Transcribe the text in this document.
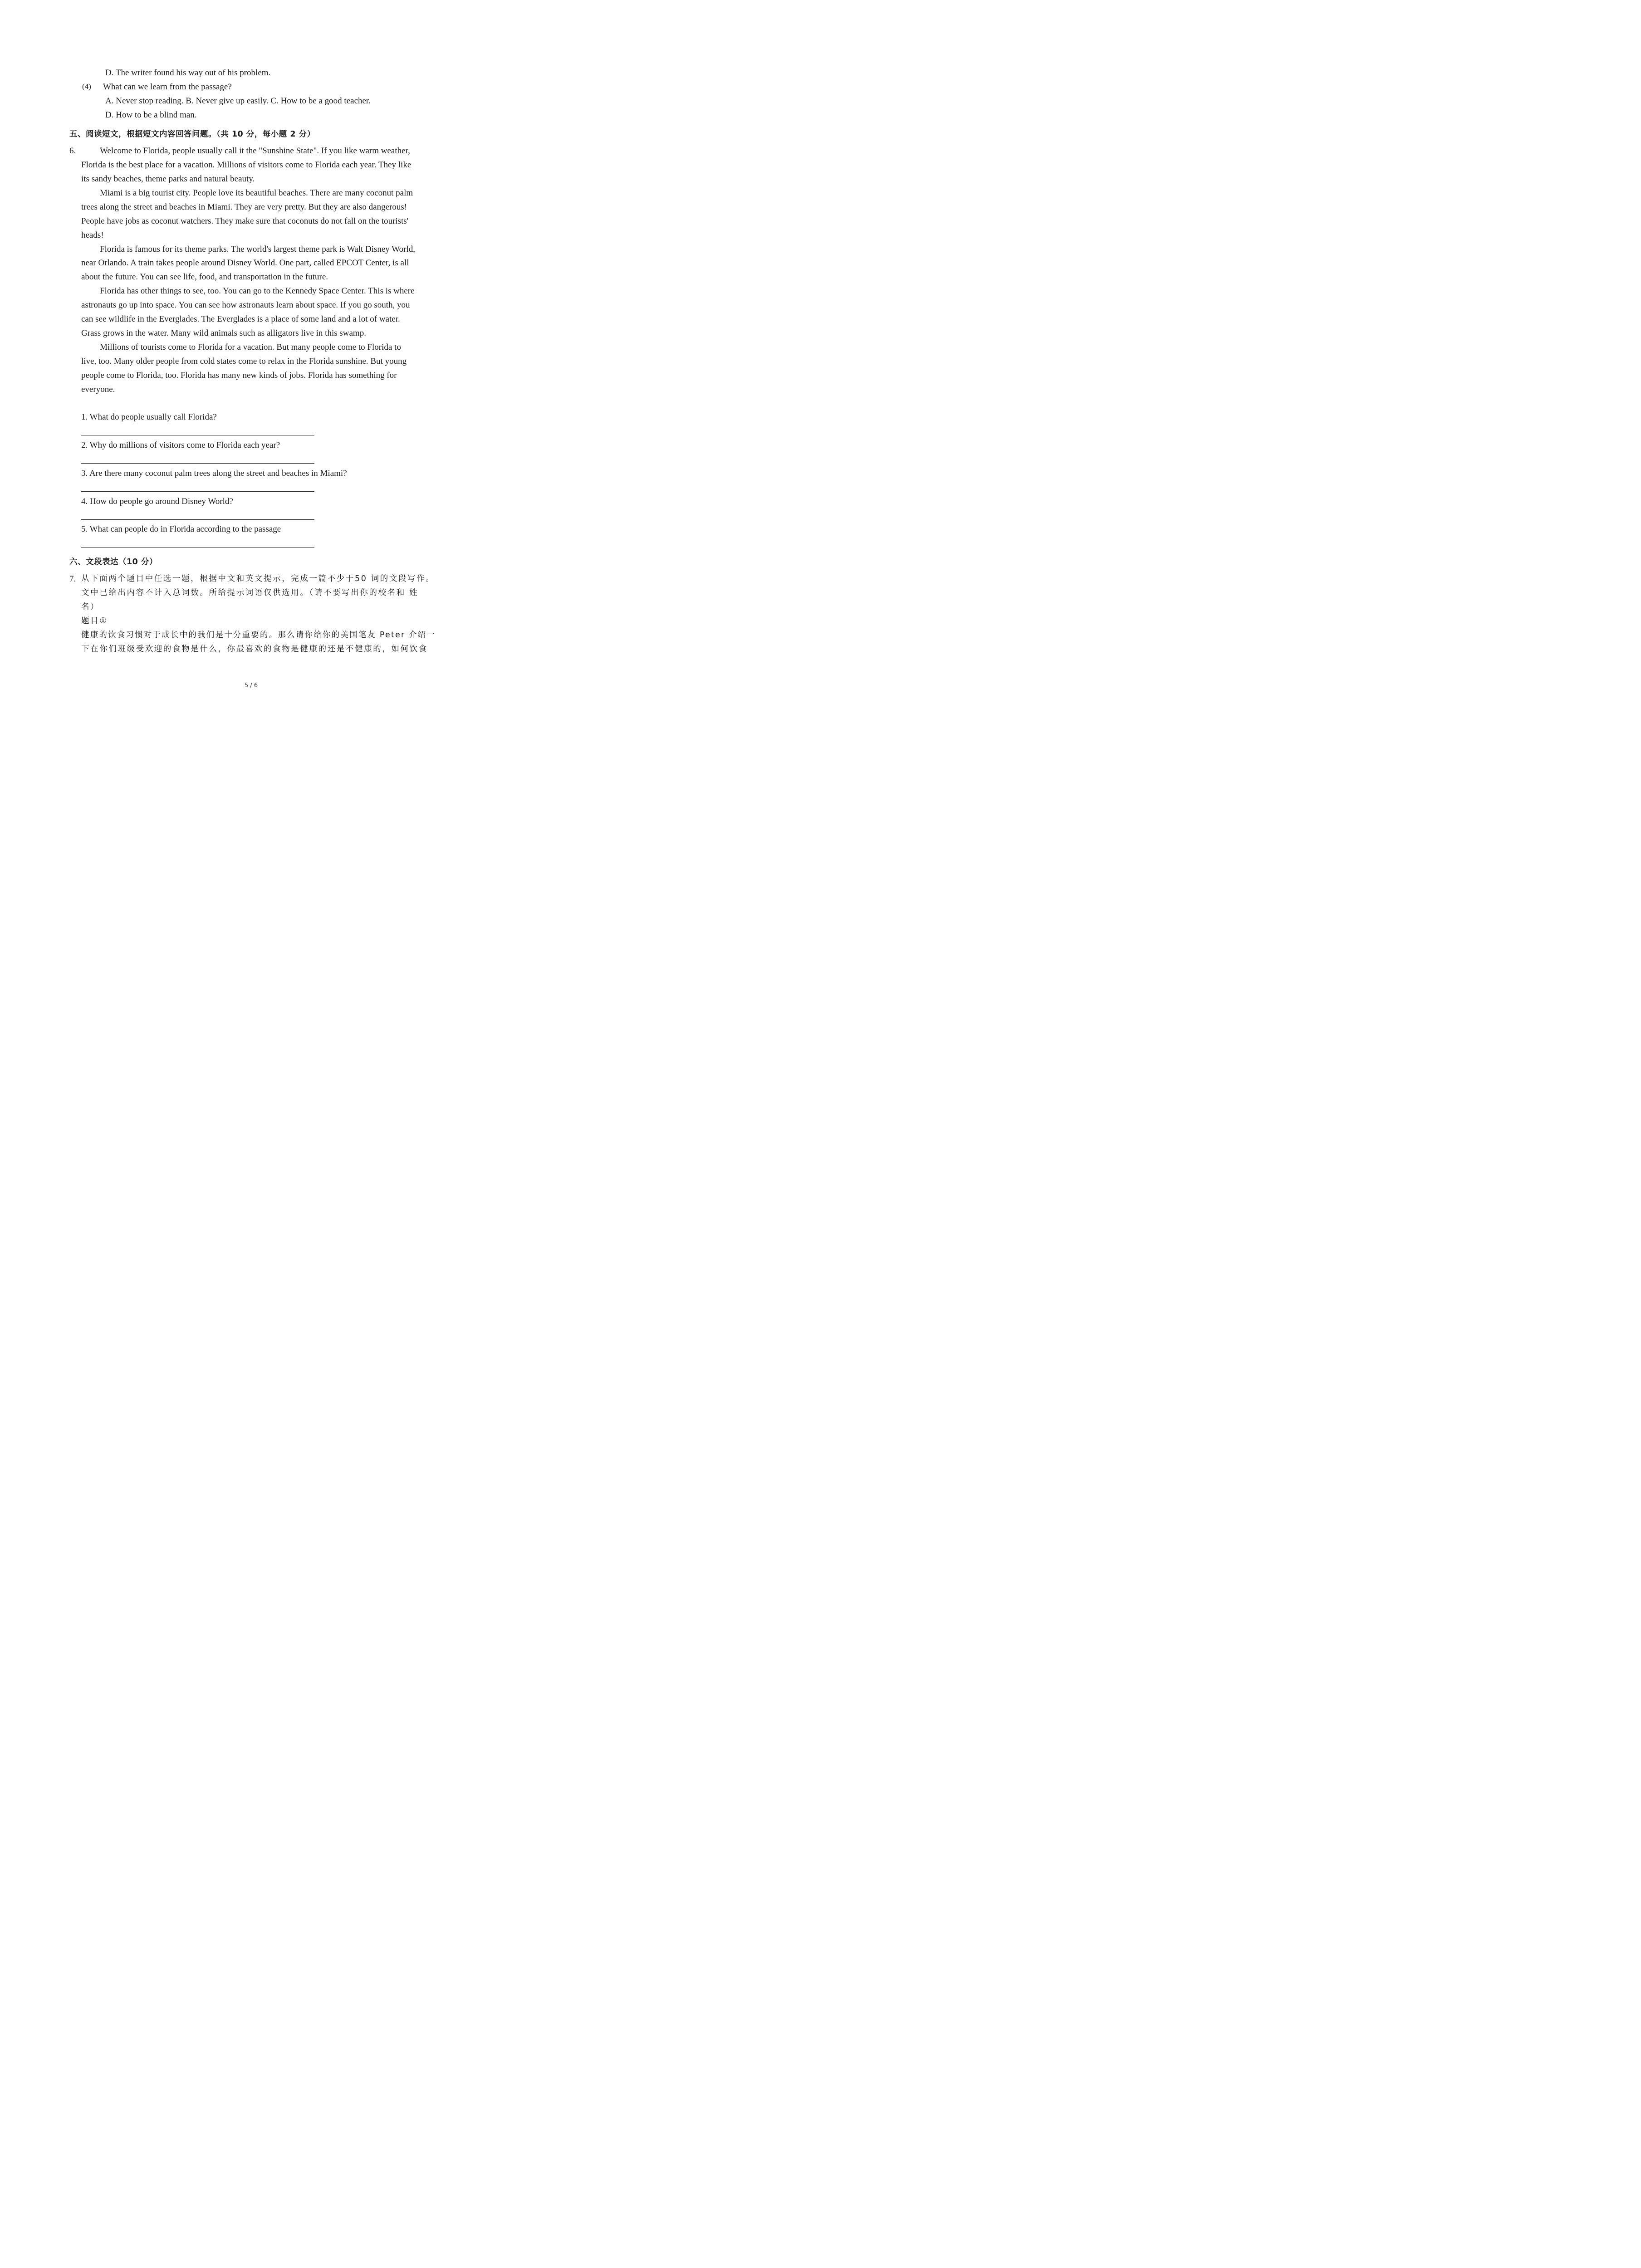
D. The writer found his way out of his problem.
(4) What can we learn from the passage?
A. Never stop reading. B. Never give up easily. C. How to be a good teacher.
D. How to be a blind man.
五、阅读短文，根据短文内容回答问题。（共 10 分，每小题 2 分）
6.	Welcome to Florida, people usually call it the "Sunshine State". If you like warm weather,
Florida is the best place for a vacation. Millions of visitors come to Florida each year. They like
its sandy beaches, theme parks and natural beauty.
Miami is a big tourist city. People love its beautiful beaches. There are many coconut palm
trees along the street and beaches in Miami. They are very pretty. But they are also dangerous!
People have jobs as coconut watchers. They make sure that coconuts do not fall on the tourists'
heads!
Florida is famous for its theme parks. The world's largest theme park is Walt Disney World,
near Orlando. A train takes people around Disney World. One part, called EPCOT Center, is all
about the future. You can see life, food, and transportation in the future.
Florida has other things to see, too. You can go to the Kennedy Space Center. This is where
astronauts go up into space. You can see how astronauts learn about space. If you go south, you
can see wildlife in the Everglades. The Everglades is a place of some land and a lot of water.
Grass grows in the water. Many wild animals such as alligators live in this swamp.
Millions of tourists come to Florida for a vacation. But many people come to Florida to
live, too. Many older people from cold states come to relax in the Florida sunshine. But young
people come to Florida, too. Florida has many new kinds of jobs. Florida has something for
everyone.
1. What do people usually call Florida?
2. Why do millions of visitors come to Florida each year?
3. Are there many coconut palm trees along the street and beaches in Miami?
4. How do people go around Disney World?
5. What can people do in Florida according to the passage
六、文段表达（10 分）
7. 从下面两个题目中任选一题，根据中文和英文提示，完成一篇不少于50 词的文段写作。
文中已给出内容不计入总词数。所给提示词语仅供选用。（请不要写出你的校名和 姓
名）
题目①
健康的饮食习惯对于成长中的我们是十分重要的。那么请你给你的美国笔友 Peter 介绍一
下在你们班级受欢迎的食物是什么，你最喜欢的食物是健康的还是不健康的，如何饮食
5 / 6
